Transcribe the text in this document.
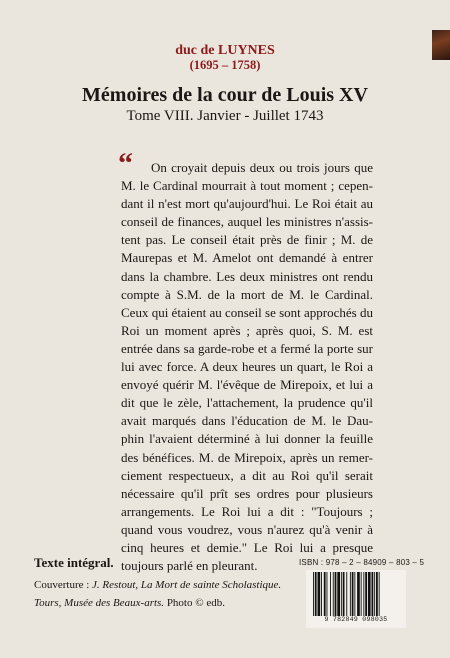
duc de LUYNES
(1695 – 1758)
Mémoires de la cour de Louis XV
Tome VIII. Janvier - Juillet 1743
“	On croyait depuis deux ou trois jours que
M. le Cardinal mourrait à tout moment ; cepen-
dant il n'est mort qu'aujourd'hui. Le Roi était au
conseil de finances, auquel les ministres n'assis-
tent pas. Le conseil était près de finir ; M. de
Maurepas et M. Amelot ont demandé à entrer
dans la chambre. Les deux ministres ont rendu
compte à S.M. de la mort de M. le Cardinal.
Ceux qui étaient au conseil se sont approchés du
Roi un moment après ; après quoi, S. M. est
entrée dans sa garde-robe et a fermé la porte sur
lui avec force. A deux heures un quart, le Roi a
envoyé quérir M. l'évêque de Mirepoix, et lui a
dit que le zèle, l'attachement, la prudence qu'il
avait marqués dans l'éducation de M. le Dau-
phin l'avaient déterminé à lui donner la feuille
des bénéfices. M. de Mirepoix, après un remer-
ciement respectueux, a dit au Roi qu'il serait
nécessaire qu'il prît ses ordres pour plusieurs
arrangements. Le Roi lui a dit : "Toujours ;
quand vous voudrez, vous n'aurez qu'à venir à
cinq heures et demie." Le Roi lui a presque
toujours parlé en pleurant.
Texte intégral.	ISBN : 978 – 2 – 84909 – 803 – 5
Couverture : J. Restout, La Mort de sainte Scholastique.
Tours, Musée des Beaux-arts. Photo © edb.
9 782849 098035
